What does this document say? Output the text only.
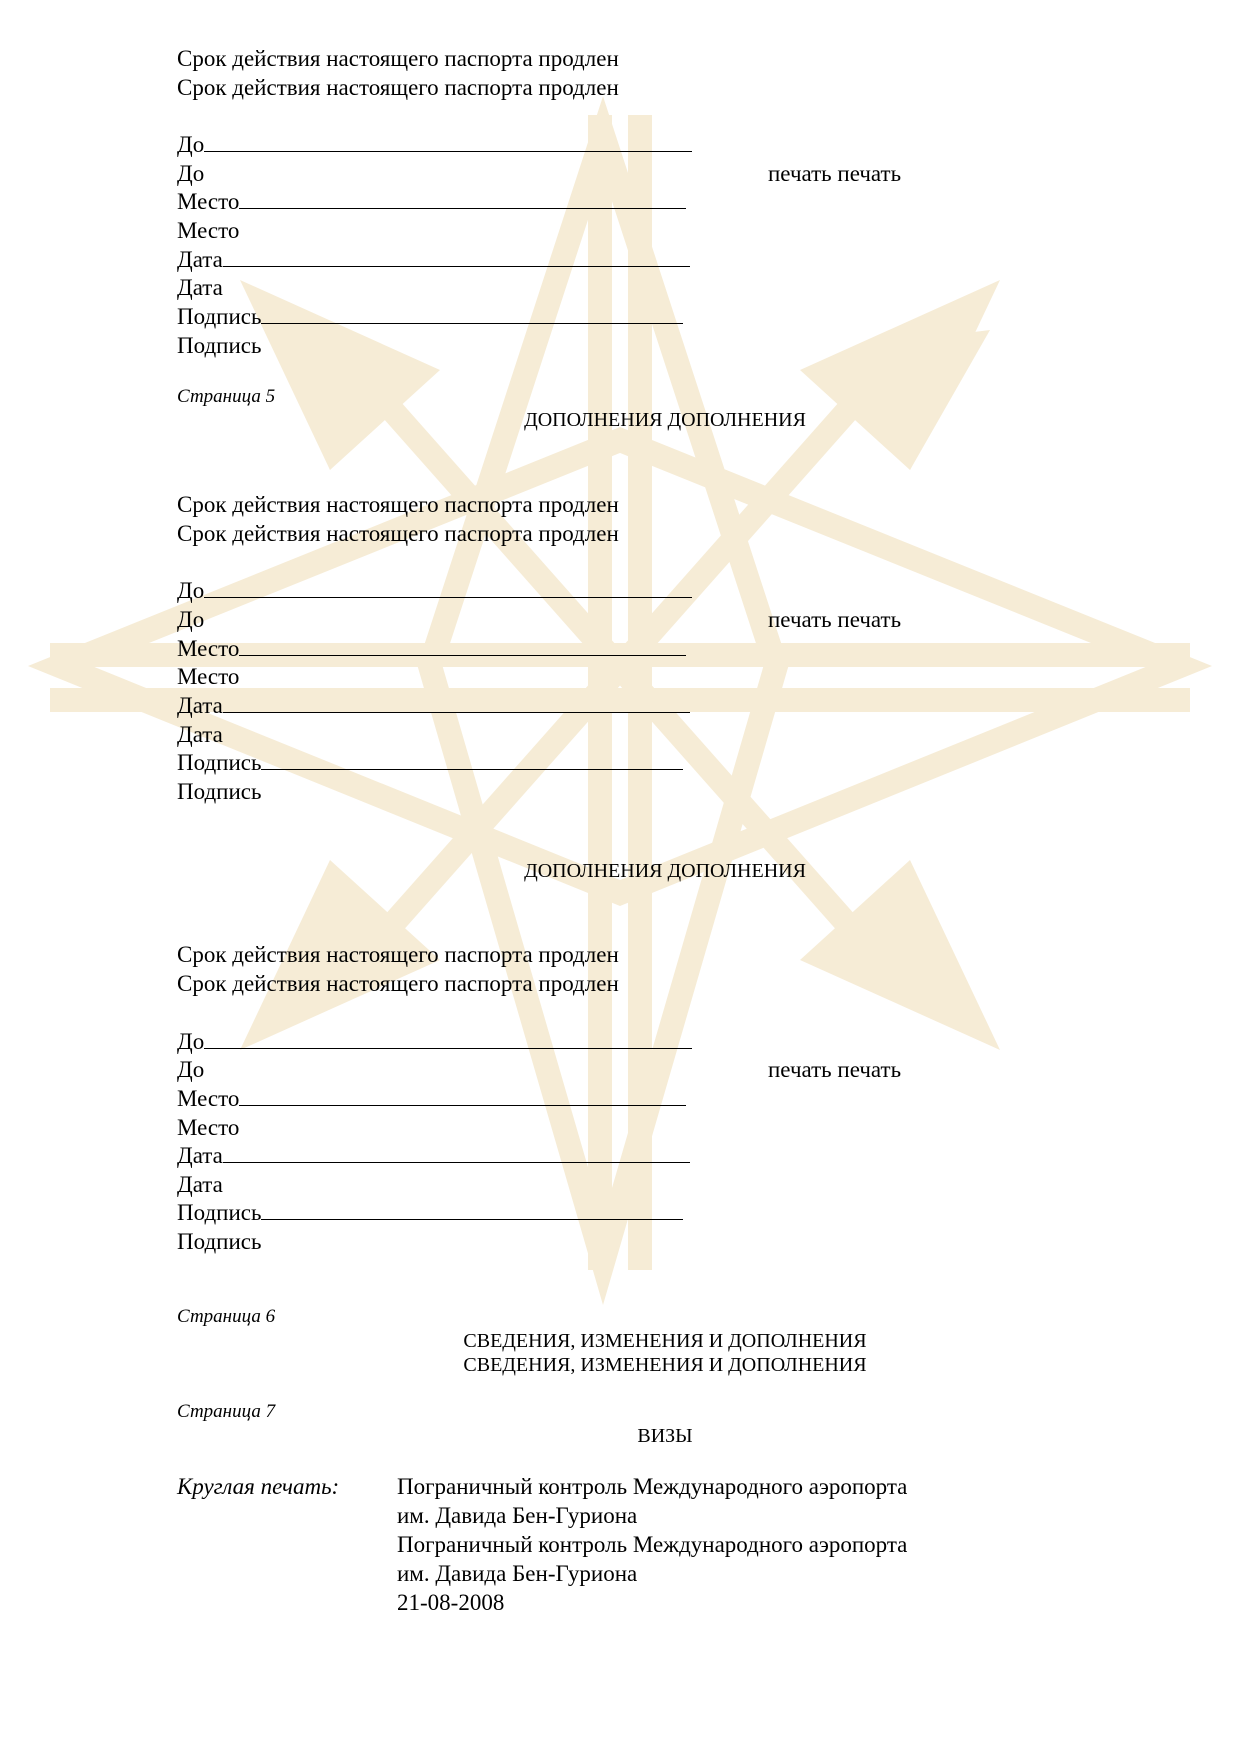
Срок действия настоящего паспорта продлен
Срок действия настоящего паспорта продлен
До
До	печать печать
Место
Место
Дата
Дата
Подпись
Подпись
Страница 5
ДОПОЛНЕНИЯ ДОПОЛНЕНИЯ
Срок действия настоящего паспорта продлен
Срок действия настоящего паспорта продлен
До
До	печать печать
Место
Место
Дата
Дата
Подпись
Подпись
ДОПОЛНЕНИЯ ДОПОЛНЕНИЯ
Срок действия настоящего паспорта продлен
Срок действия настоящего паспорта продлен
До
До	печать печать
Место
Место
Дата
Дата
Подпись
Подпись
Страница 6
СВЕДЕНИЯ, ИЗМЕНЕНИЯ И ДОПОЛНЕНИЯ
СВЕДЕНИЯ, ИЗМЕНЕНИЯ И ДОПОЛНЕНИЯ
Страница 7
ВИЗЫ
Круглая печать:	Пограничный контроль Международного аэропорта
им. Давида Бен-Гуриона
Пограничный контроль Международного аэропорта
им. Давида Бен-Гуриона
21-08-2008
